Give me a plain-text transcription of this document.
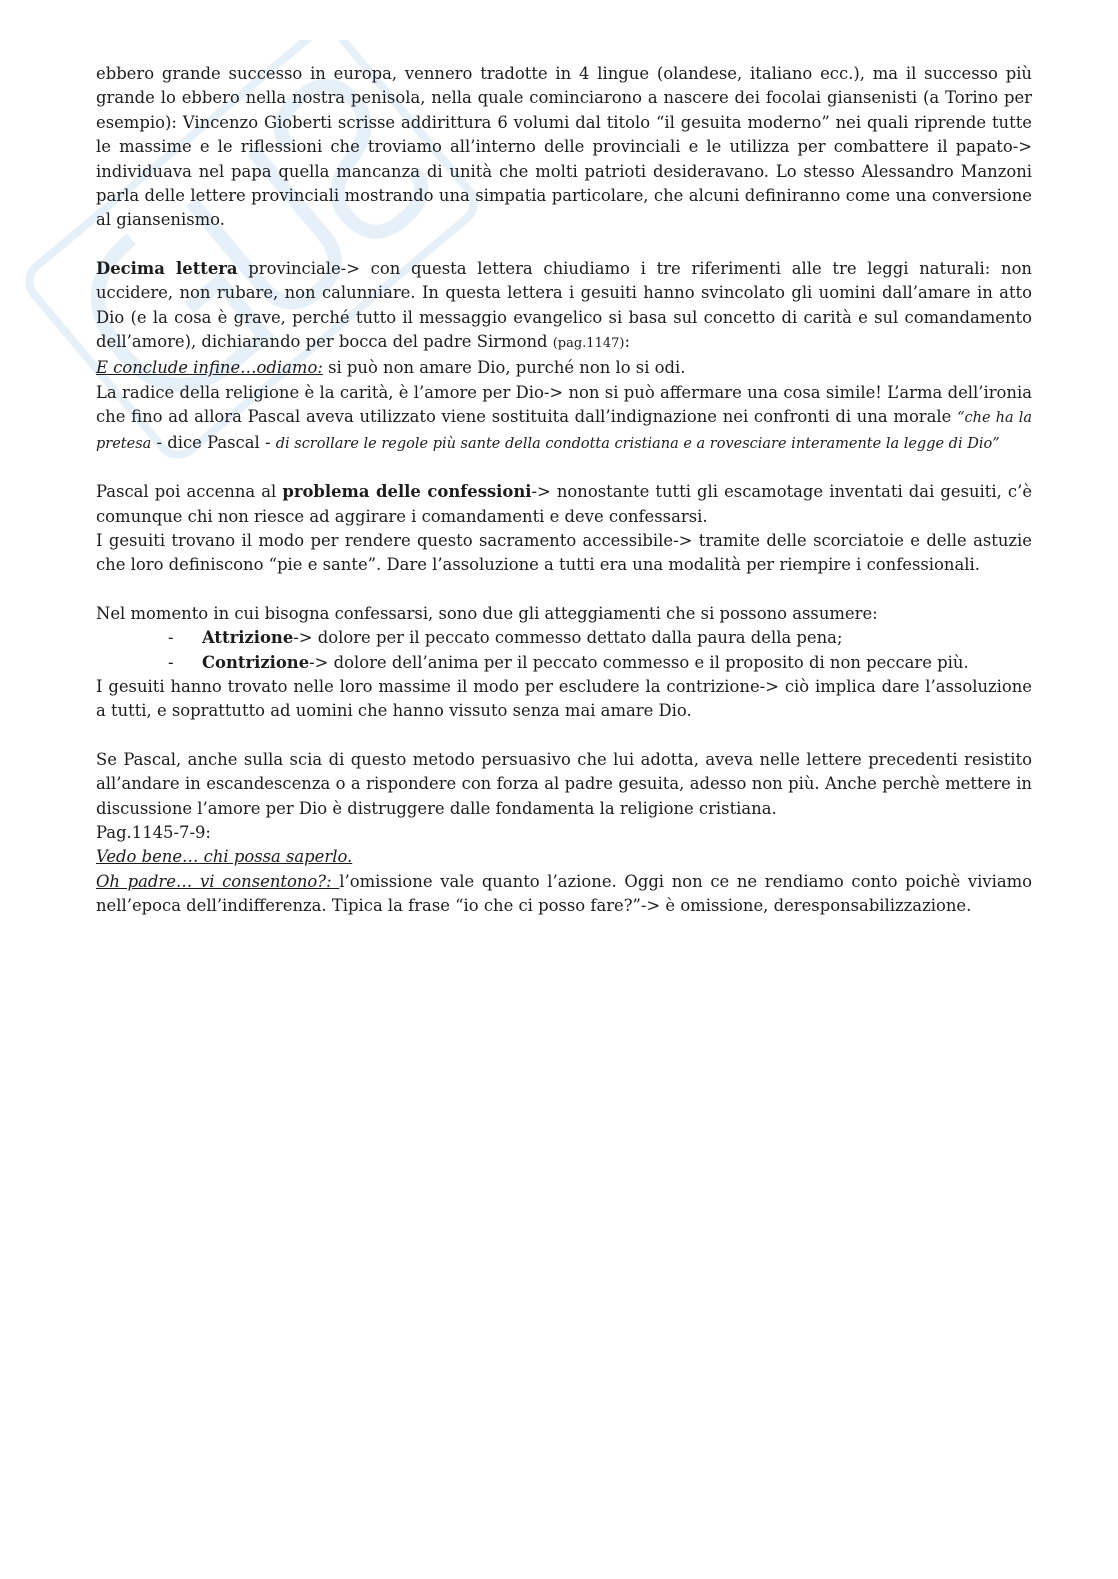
ebbero grande successo in europa, vennero tradotte in 4 lingue (olandese, italiano ecc.), ma il successo più grande lo ebbero nella nostra penisola, nella quale cominciarono a nascere dei focolai giansenisti (a Torino per esempio): Vincenzo Gioberti scrisse addirittura 6 volumi dal titolo “il gesuita moderno” nei quali riprende tutte le massime e le riflessioni che troviamo all’interno delle provinciali e le utilizza per combattere il papato-> individuava nel papa quella mancanza di unità che molti patrioti desideravano. Lo stesso Alessandro Manzoni parla delle lettere provinciali mostrando una simpatia particolare, che alcuni definiranno come una conversione al giansenismo.

Decima lettera provinciale-> con questa lettera chiudiamo i tre riferimenti alle tre leggi naturali: non uccidere, non rubare, non calunniare. In questa lettera i gesuiti hanno svincolato gli uomini dall’amare in atto Dio (e la cosa è grave, perché tutto il messaggio evangelico si basa sul concetto di carità e sul comandamento dell’amore), dichiarando per bocca del padre Sirmond (pag.1147):

E conclude infine…odiamo: si può non amare Dio, purché non lo si odi.

La radice della religione è la carità, è l’amore per Dio-> non si può affermare una cosa simile! L’arma dell’ironia che fino ad allora Pascal aveva utilizzato viene sostituita dall’indignazione nei confronti di una morale “che ha la pretesa - dice Pascal - di scrollare le regole più sante della condotta cristiana e a rovesciare interamente la legge di Dio”

Pascal poi accenna al problema delle confessioni-> nonostante tutti gli escamotage inventati dai gesuiti, c’è comunque chi non riesce ad aggirare i comandamenti e deve confessarsi.

I gesuiti trovano il modo per rendere questo sacramento accessibile-> tramite delle scorciatoie e delle astuzie che loro definiscono “pie e sante”. Dare l’assoluzione a tutti era una modalità per riempire i confessionali.

Nel momento in cui bisogna confessarsi, sono due gli atteggiamenti che si possono assumere:

-	Attrizione-> dolore per il peccato commesso dettato dalla paura della pena;
-	Contrizione-> dolore dell’anima per il peccato commesso e il proposito di non peccare più.

I gesuiti hanno trovato nelle loro massime il modo per escludere la contrizione-> ciò implica dare l’assoluzione a tutti, e soprattutto ad uomini che hanno vissuto senza mai amare Dio.

Se Pascal, anche sulla scia di questo metodo persuasivo che lui adotta, aveva nelle lettere precedenti resistito all’andare in escandescenza o a rispondere con forza al padre gesuita, adesso non più. Anche perchè mettere in discussione l’amore per Dio è distruggere dalle fondamenta la religione cristiana.

Pag.1145-7-9:

Vedo bene… chi possa saperlo.

Oh padre… vi consentono?: l’omissione vale quanto l’azione. Oggi non ce ne rendiamo conto poichè viviamo nell’epoca dell’indifferenza. Tipica la frase “io che ci posso fare?”-> è omissione, deresponsabilizzazione.
